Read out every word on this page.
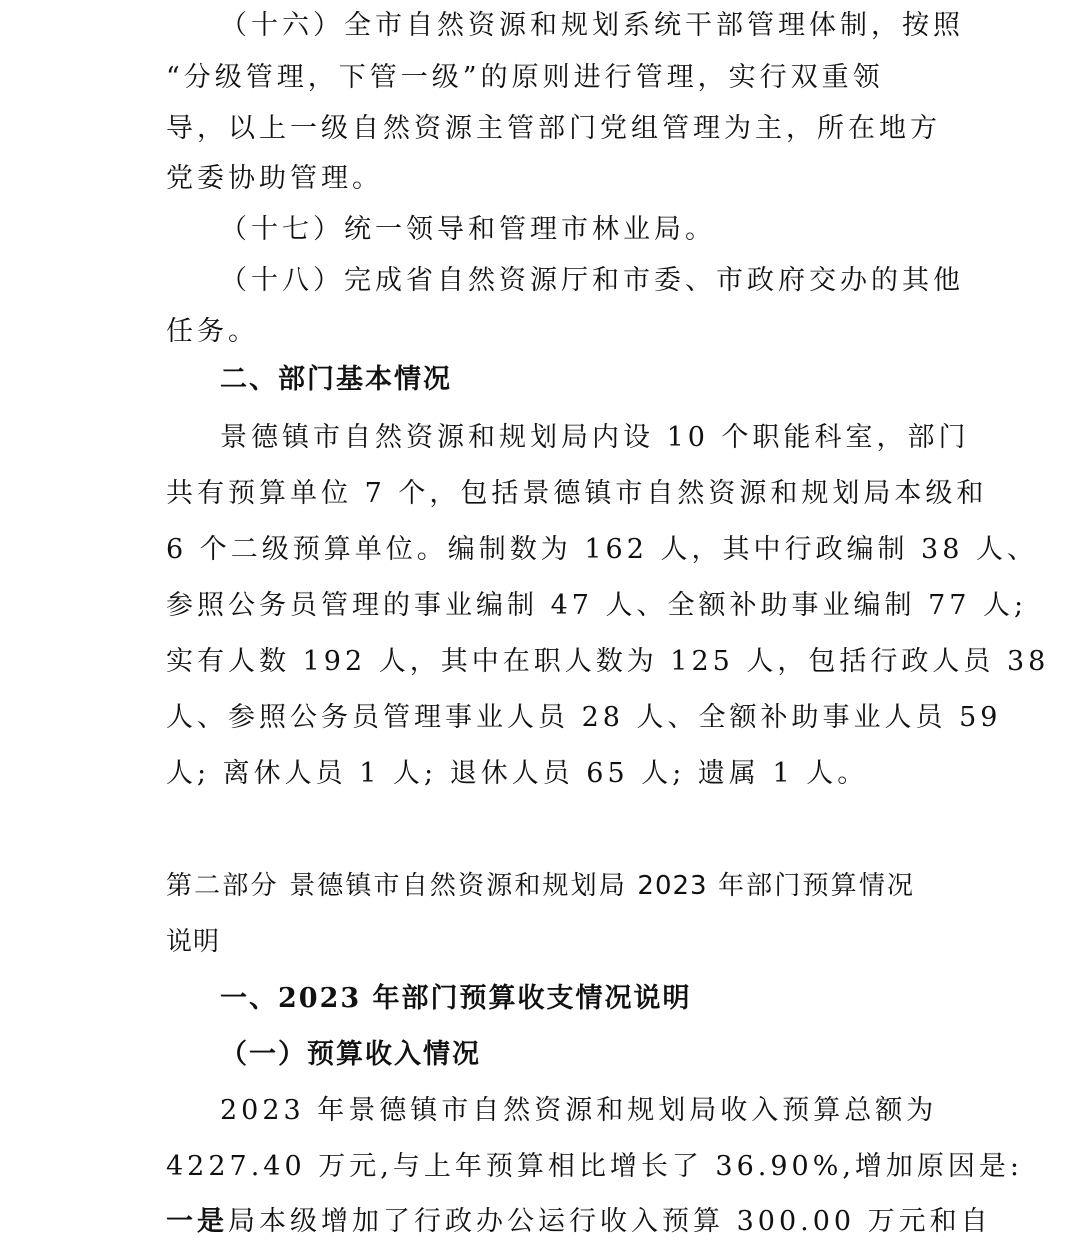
（十六）全市自然资源和规划系统干部管理体制，按照
“分级管理，下管一级”的原则进行管理，实行双重领
导，以上一级自然资源主管部门党组管理为主，所在地方
党委协助管理。
（十七）统一领导和管理市林业局。
（十八）完成省自然资源厅和市委、市政府交办的其他
任务。
二、部门基本情况
景德镇市自然资源和规划局内设 10 个职能科室，部门
共有预算单位 7 个，包括景德镇市自然资源和规划局本级和
6 个二级预算单位。编制数为 162 人，其中行政编制 38 人、
参照公务员管理的事业编制 47 人、全额补助事业编制 77 人;
实有人数 192 人，其中在职人数为 125 人，包括行政人员 38
人、参照公务员管理事业人员 28 人、全额补助事业人员 59
人; 离休人员 1 人; 退休人员 65 人; 遗属 1 人。
第二部分 景德镇市自然资源和规划局 2023 年部门预算情况
说明
一、2023 年部门预算收支情况说明
（一）预算收入情况
2023 年景德镇市自然资源和规划局收入预算总额为
4227.40 万元,与上年预算相比增长了 36.90%,增加原因是:
一是局本级增加了行政办公运行收入预算 300.00 万元和自
